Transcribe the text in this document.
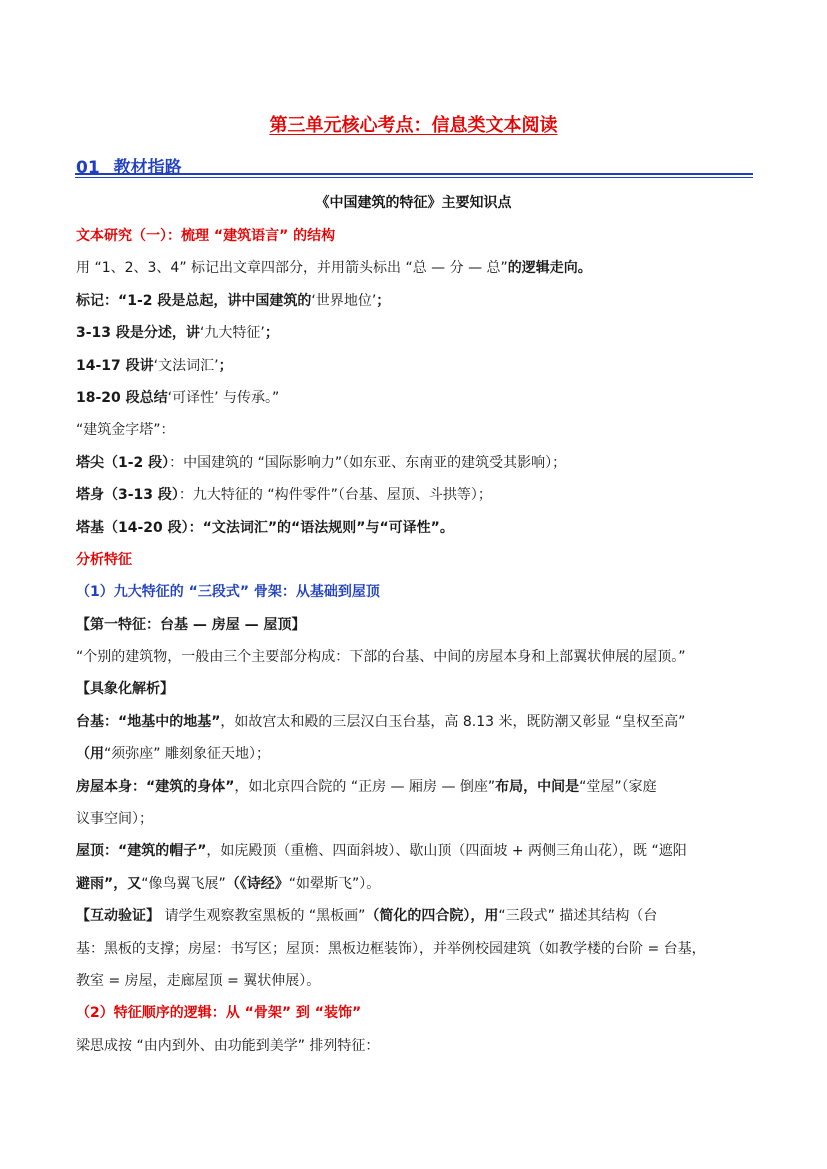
第三单元核心考点：信息类文本阅读
01 教材指路
《中国建筑的特征》主要知识点
文本研究（一）：梳理 “建筑语言” 的结构
用 “1、2、3、4” 标记出文章四部分，并用箭头标出 “总 — 分 — 总”的逻辑走向。
标记：“1-2 段是总起，讲中国建筑的‘世界地位’；
3-13 段是分述，讲‘九大特征’；
14-17 段讲‘文法词汇’；
18-20 段总结‘可译性’ 与传承。”
“建筑金字塔”：
塔尖（1-2 段）：中国建筑的 “国际影响力”（如东亚、东南亚的建筑受其影响）；
塔身（3-13 段）：九大特征的 “构件零件”（台基、屋顶、斗拱等）；
塔基（14-20 段）：“文法词汇”的“语法规则”与“可译性”。
分析特征
（1）九大特征的 “三段式” 骨架：从基础到屋顶
【第一特征：台基 — 房屋 — 屋顶】
“个别的建筑物，一般由三个主要部分构成：下部的台基、中间的房屋本身和上部翼状伸展的屋顶。”
【具象化解析】
台基：“地基中的地基”，如故宫太和殿的三层汉白玉台基，高 8.13 米，既防潮又彰显 “皇权至高”
（用“须弥座” 雕刻象征天地）；
房屋本身：“建筑的身体”，如北京四合院的 “正房 — 厢房 — 倒座”布局，中间是“堂屋”（家庭
议事空间）；
屋顶：“建筑的帽子”，如庑殿顶（重檐、四面斜坡）、歇山顶（四面坡 + 两侧三角山花），既 “遮阳
避雨”，又“像鸟翼飞展”（《诗经》“如翚斯飞”）。
【互动验证】 请学生观察教室黑板的 “黑板画”（简化的四合院），用“三段式” 描述其结构（台
基：黑板的支撑；房屋：书写区；屋顶：黑板边框装饰），并举例校园建筑（如教学楼的台阶 = 台基，
教室 = 房屋，走廊屋顶 = 翼状伸展）。
（2）特征顺序的逻辑：从 “骨架” 到 “装饰”
梁思成按 “由内到外、由功能到美学” 排列特征：
